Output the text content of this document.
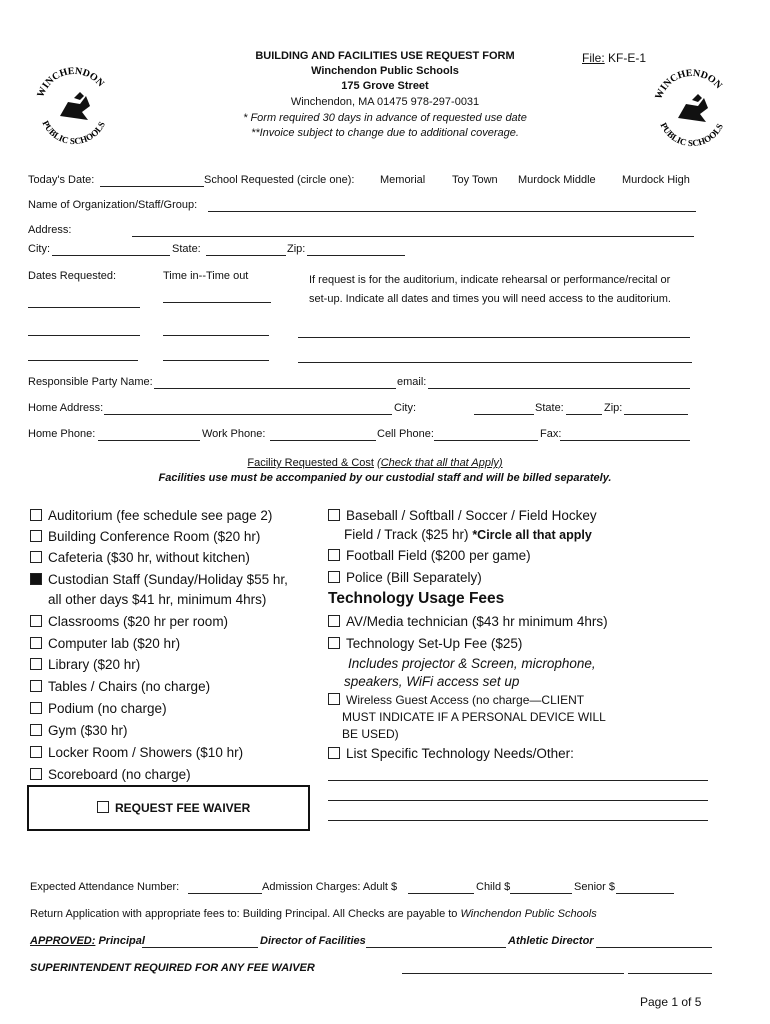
WINCHENDON
PUBLIC SCHOOLS
WINCHENDON
PUBLIC SCHOOLS
BUILDING AND FACILITIES USE REQUEST FORM
Winchendon Public Schools
175 Grove Street
Winchendon, MA 01475 978-297-0031
* Form required 30 days in advance of requested use date
**Invoice subject to change due to additional coverage.
File: KF-E-1
Today's Date:	School Requested (circle one): Memorial Toy Town Murdock Middle Murdock High
Name of Organization/Staff/Group:
Address:
City:	State:	Zip:
Dates Requested:	Time in--Time out	If request is for the auditorium, indicate rehearsal or performance/recital or
set-up. Indicate all dates and times you will need access to the auditorium.
Responsible Party Name:	email:
Home Address:	City:	State:	Zip:
Home Phone:	Work Phone:	Cell Phone:	Fax:
Facility Requested & Cost (Check that all that Apply)
Facilities use must be accompanied by our custodial staff and will be billed separately.
Auditorium (fee schedule see page 2)
Building Conference Room ($20 hr)
Cafeteria ($30 hr, without kitchen)
Custodian Staff (Sunday/Holiday $55 hr,
Classrooms ($20 hr per room)
Computer lab ($20 hr)
Library ($20 hr)
Tables / Chairs (no charge)
Podium (no charge)
Gym ($30 hr)
Locker Room / Showers ($10 hr)
Scoreboard (no charge)
all other days $41 hr, minimum 4hrs)
Baseball / Softball / Soccer / Field Hockey
Field / Track ($25 hr) *Circle all that apply
Football Field ($200 per game)
Police (Bill Separately)
Technology Usage Fees
AV/Media technician ($43 hr minimum 4hrs)
Technology Set-Up Fee ($25)
Includes projector & Screen, microphone,
speakers, WiFi access set up
Wireless Guest Access (no charge—CLIENT
MUST INDICATE IF A PERSONAL DEVICE WILL
BE USED)
List Specific Technology Needs/Other:
REQUEST FEE WAIVER
Expected Attendance Number:	Admission Charges: Adult $	Child $	Senior $
Return Application with appropriate fees to: Building Principal. All Checks are payable to Winchendon Public Schools
APPROVED: Principal	Director of Facilities	Athletic Director
SUPERINTENDENT REQUIRED FOR ANY FEE WAIVER
Page 1 of 5
